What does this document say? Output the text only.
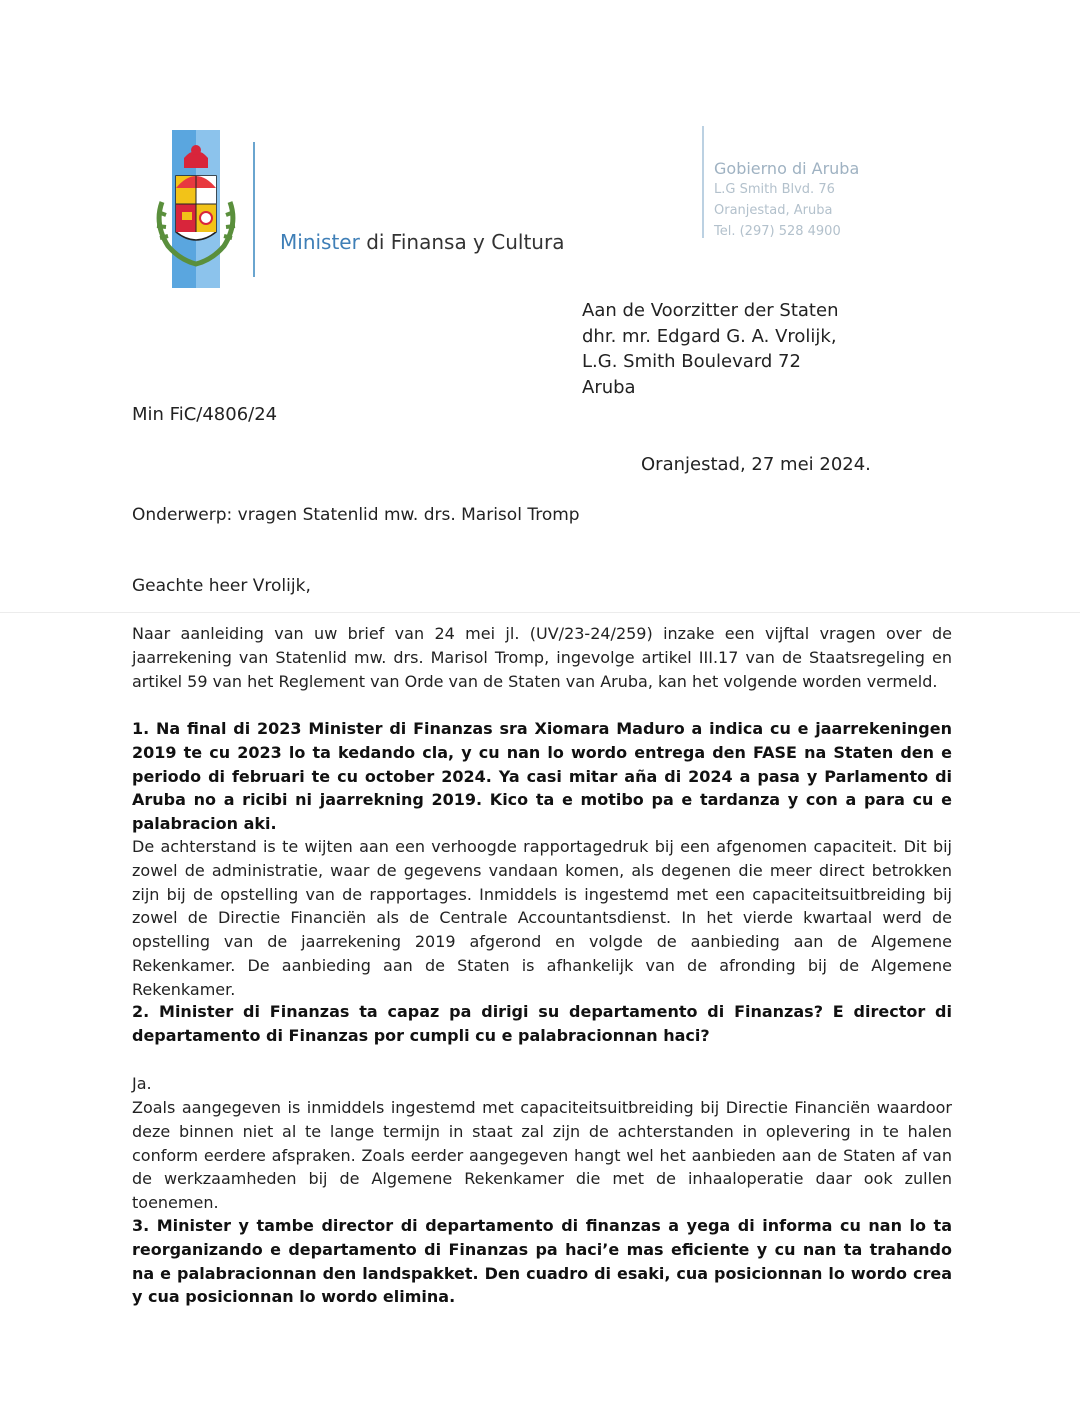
Minister di Finansa y Cultura
Gobierno di Aruba
L.G Smith Blvd. 76
Oranjestad, Aruba
Tel. (297) 528 4900
Aan de Voorzitter der Staten
dhr. mr. Edgard G. A. Vrolijk,
L.G. Smith Boulevard 72
Aruba
Min FiC/4806/24
Oranjestad, 27 mei 2024.
Onderwerp: vragen Statenlid mw. drs. Marisol Tromp
Geachte heer Vrolijk,

Naar aanleiding van uw brief van 24 mei jl. (UV/23-24/259) inzake een vijftal vragen over de jaarrekening van Statenlid mw. drs. Marisol Tromp, ingevolge artikel III.17 van de Staatsregeling en artikel 59 van het Reglement van Orde van de Staten van Aruba, kan het volgende worden vermeld.

1. Na final di 2023 Minister di Finanzas sra Xiomara Maduro a indica cu e jaarrekeningen 2019 te cu 2023 lo ta kedando cla, y cu nan lo wordo entrega den FASE na Staten den e periodo di februari te cu october 2024. Ya casi mitar aña di 2024 a pasa y Parlamento di Aruba no a ricibi ni jaarrekning 2019. Kico ta e motibo pa e tardanza y con a para cu e palabracion aki.

De achterstand is te wijten aan een verhoogde rapportagedruk bij een afgenomen capaciteit. Dit bij zowel de administratie, waar de gegevens vandaan komen, als degenen die meer direct betrokken zijn bij de opstelling van de rapportages. Inmiddels is ingestemd met een capaciteitsuitbreiding bij zowel de Directie Financiën als de Centrale Accountantsdienst. In het vierde kwartaal werd de opstelling van de jaarrekening 2019 afgerond en volgde de aanbieding aan de Algemene Rekenkamer. De aanbieding aan de Staten is afhankelijk van de afronding bij de Algemene Rekenkamer.

2. Minister di Finanzas ta capaz pa dirigi su departamento di Finanzas? E director di departamento di Finanzas por cumpli cu e palabracionnan haci?

Ja.

Zoals aangegeven is inmiddels ingestemd met capaciteitsuitbreiding bij Directie Financiën waardoor deze binnen niet al te lange termijn in staat zal zijn de achterstanden in oplevering in te halen conform eerdere afspraken. Zoals eerder aangegeven hangt wel het aanbieden aan de Staten af van de werkzaamheden bij de Algemene Rekenkamer die met de inhaaloperatie daar ook zullen toenemen.

3. Minister y tambe director di departamento di finanzas a yega di informa cu nan lo ta reorganizando e departamento di Finanzas pa haci’e mas eficiente y cu nan ta trahando na e palabracionnan den landspakket. Den cuadro di esaki, cua posicionnan lo wordo crea y cua posicionnan lo wordo elimina.
